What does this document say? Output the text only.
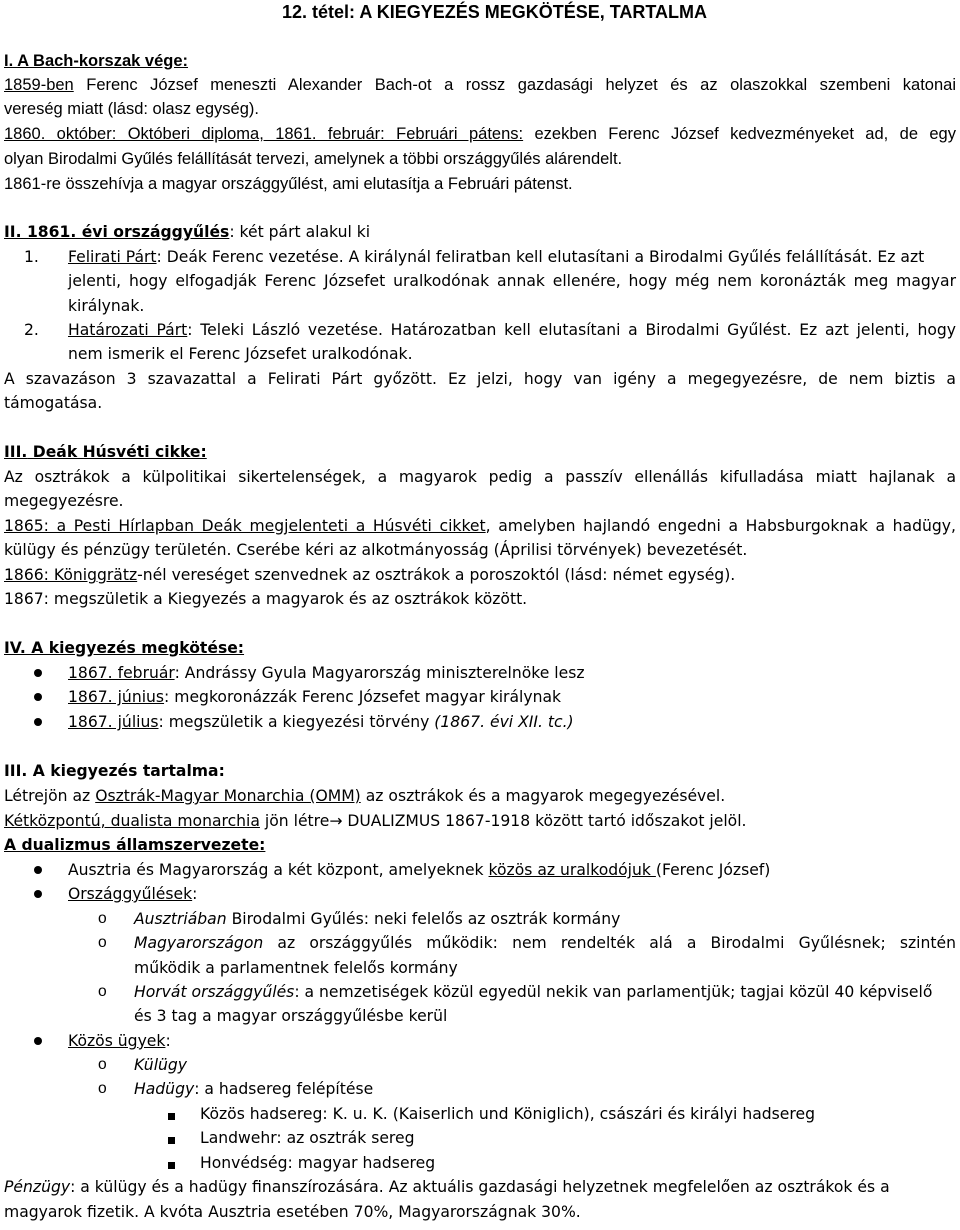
12. tétel: A KIEGYEZÉS MEGKÖTÉSE, TARTALMA
I. A Bach-korszak vége:
1859-ben Ferenc József meneszti Alexander Bach-ot a rossz gazdasági helyzet és az olaszokkal szembeni katonai
vereség miatt (lásd: olasz egység).
1860. október: Októberi diploma, 1861. február: Februári pátens: ezekben Ferenc József kedvezményeket ad, de egy
olyan Birodalmi Gyűlés felállítását tervezi, amelynek a többi országgyűlés alárendelt.
1861-re összehívja a magyar országgyűlést, ami elutasítja a Februári pátenst.
II. 1861. évi országgyűlés: két párt alakul ki
1.	Felirati Párt: Deák Ferenc vezetése. A királynál feliratban kell elutasítani a Birodalmi Gyűlés felállítását. Ez azt
jelenti, hogy elfogadják Ferenc Józsefet uralkodónak annak ellenére, hogy még nem koronázták meg magyar
királynak.
2.	Határozati Párt: Teleki László vezetése. Határozatban kell elutasítani a Birodalmi Gyűlést. Ez azt jelenti, hogy
nem ismerik el Ferenc Józsefet uralkodónak.
A szavazáson 3 szavazattal a Felirati Párt győzött. Ez jelzi, hogy van igény a megegyezésre, de nem biztis a
támogatása.
III. Deák Húsvéti cikke:
Az osztrákok a külpolitikai sikertelenségek, a magyarok pedig a passzív ellenállás kifulladása miatt hajlanak a
megegyezésre.
1865: a Pesti Hírlapban Deák megjelenteti a Húsvéti cikket, amelyben hajlandó engedni a Habsburgoknak a hadügy,
külügy és pénzügy területén. Cserébe kéri az alkotmányosság (Áprilisi törvények) bevezetését.
1866: Königgrätz-nél vereséget szenvednek az osztrákok a poroszoktól (lásd: német egység).
1867: megszületik a Kiegyezés a magyarok és az osztrákok között.
IV. A kiegyezés megkötése:
1867. február: Andrássy Gyula Magyarország miniszterelnöke lesz
1867. június: megkoronázzák Ferenc Józsefet magyar királynak
1867. július: megszületik a kiegyezési törvény (1867. évi XII. tc.)
III. A kiegyezés tartalma:
Létrejön az Osztrák-Magyar Monarchia (OMM) az osztrákok és a magyarok megegyezésével.
Kétközpontú, dualista monarchia jön létre→ DUALIZMUS 1867-1918 között tartó időszakot jelöl.
A dualizmus államszervezete:
Ausztria és Magyarország a két központ, amelyeknek közös az uralkodójuk (Ferenc József)
Országgyűlések:
o Ausztriában Birodalmi Gyűlés: neki felelős az osztrák kormány
o Magyarországon az országgyűlés működik: nem rendelték alá a Birodalmi Gyűlésnek; szintén
működik a parlamentnek felelős kormány
o Horvát országgyűlés: a nemzetiségek közül egyedül nekik van parlamentjük; tagjai közül 40 képviselő
és 3 tag a magyar országgyűlésbe kerül
Közös ügyek:
o Külügy
o Hadügy: a hadsereg felépítése
Közös hadsereg: K. u. K. (Kaiserlich und Königlich), császári és királyi hadsereg
Landwehr: az osztrák sereg
Honvédség: magyar hadsereg
Pénzügy: a külügy és a hadügy finanszírozására. Az aktuális gazdasági helyzetnek megfelelően az osztrákok és a
magyarok fizetik. A kvóta Ausztria esetében 70%, Magyarországnak 30%.
